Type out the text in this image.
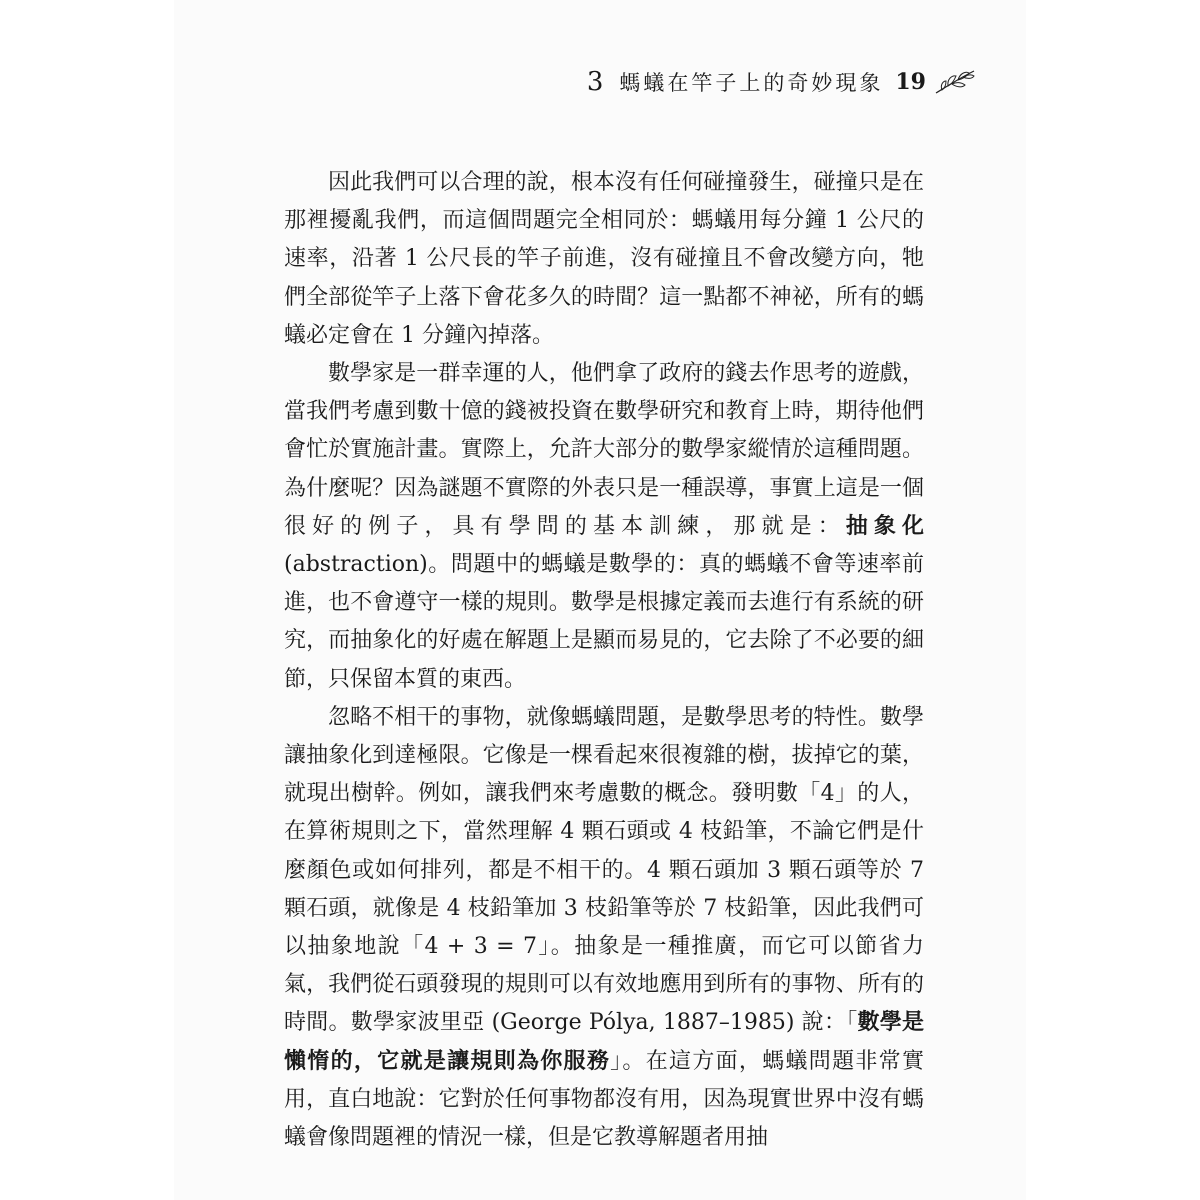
3 螞蟻在竿子上的奇妙現象 19

因此我們可以合理的說，根本沒有任何碰撞發生，碰撞只是在那裡擾亂我們，而這個問題完全相同於：螞蟻用每分鐘 1 公尺的速率，沿著 1 公尺長的竿子前進，沒有碰撞且不會改變方向，牠們全部從竿子上落下會花多久的時間？這一點都不神祕，所有的螞蟻必定會在 1 分鐘內掉落。

數學家是一群幸運的人，他們拿了政府的錢去作思考的遊戲，當我們考慮到數十億的錢被投資在數學研究和教育上時，期待他們會忙於實施計畫。實際上，允許大部分的數學家縱情於這種問題。為什麼呢？因為謎題不實際的外表只是一種誤導，事實上這是一個很好的例子，具有學問的基本訓練，那就是：抽象化 (abstraction)。問題中的螞蟻是數學的：真的螞蟻不會等速率前進，也不會遵守一樣的規則。數學是根據定義而去進行有系統的研究，而抽象化的好處在解題上是顯而易見的，它去除了不必要的細節，只保留本質的東西。

忽略不相干的事物，就像螞蟻問題，是數學思考的特性。數學讓抽象化到達極限。它像是一棵看起來很複雜的樹，拔掉它的葉，就現出樹幹。例如，讓我們來考慮數的概念。發明數「4」的人，在算術規則之下，當然理解 4 顆石頭或 4 枝鉛筆，不論它們是什麼顏色或如何排列，都是不相干的。4 顆石頭加 3 顆石頭等於 7 顆石頭，就像是 4 枝鉛筆加 3 枝鉛筆等於 7 枝鉛筆，因此我們可以抽象地說「4 + 3 = 7」。抽象是一種推廣，而它可以節省力氣，我們從石頭發現的規則可以有效地應用到所有的事物、所有的時間。數學家波里亞 (George Pólya, 1887–1985) 說：「數學是懶惰的，它就是讓規則為你服務」。在這方面，螞蟻問題非常實用，直白地說：它對於任何事物都沒有用，因為現實世界中沒有螞蟻會像問題裡的情況一樣，但是它教導解題者用抽
